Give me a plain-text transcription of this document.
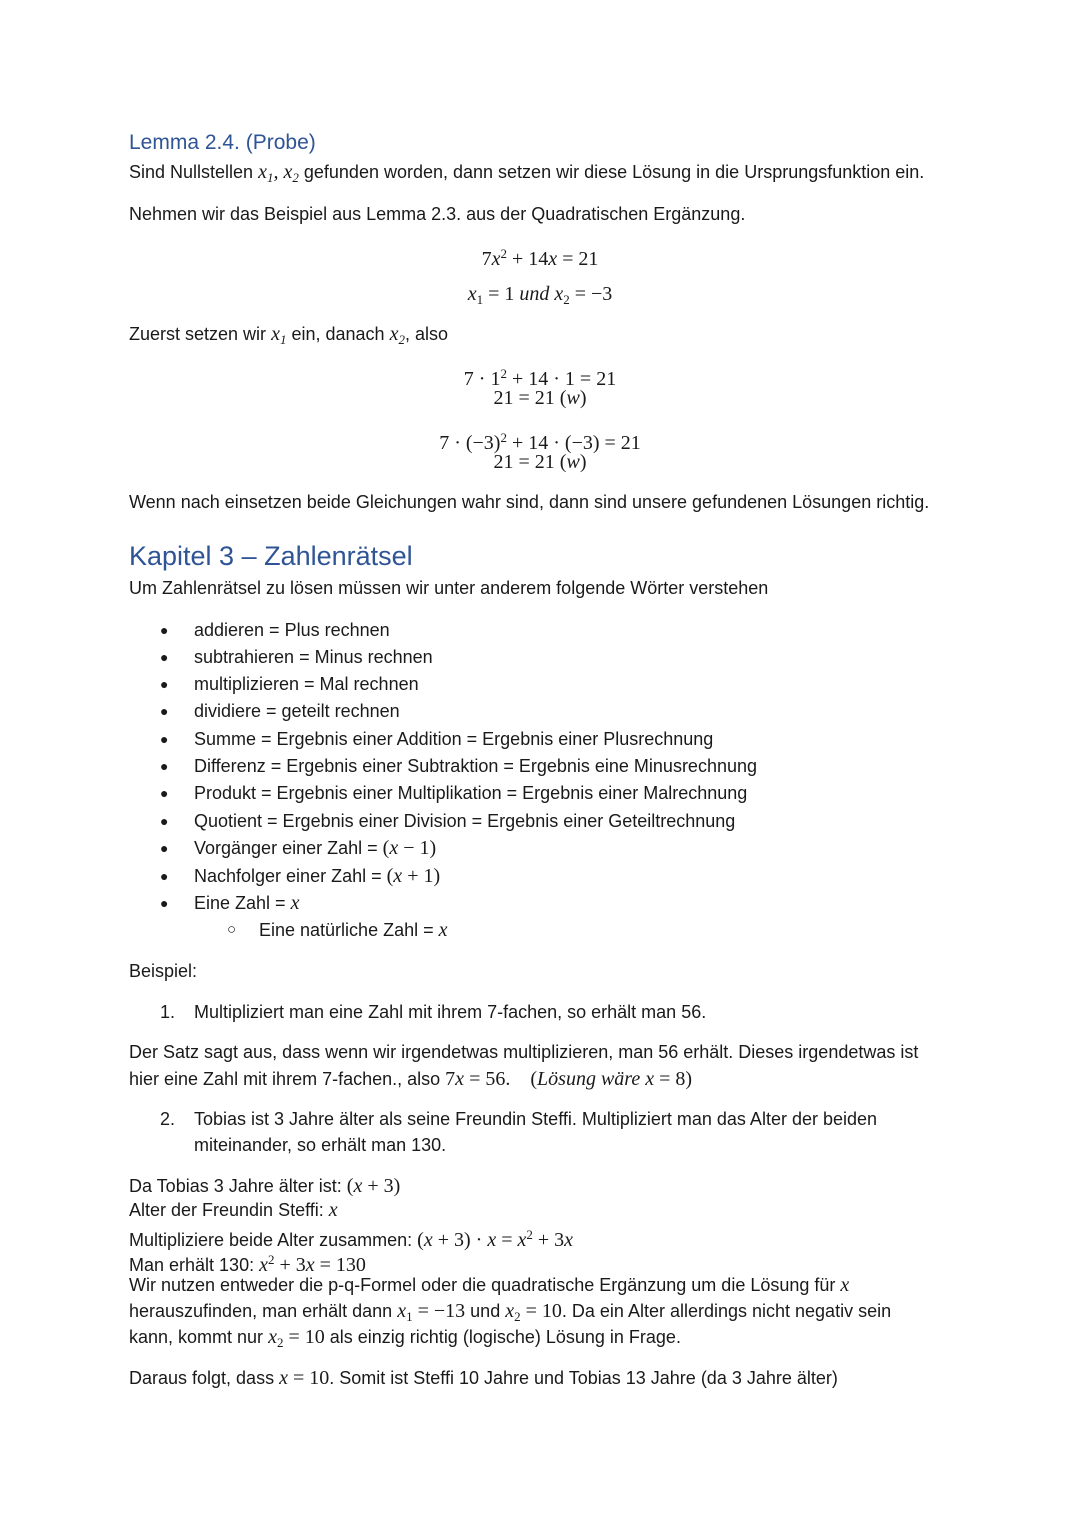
Lemma 2.4. (Probe)
Sind Nullstellen $x_1$, $x_2$ gefunden worden, dann setzen wir diese Lösung in die Ursprungsfunktion ein.
Nehmen wir das Beispiel aus Lemma 2.3. aus der Quadratischen Ergänzung.
$7x^2 + 14x = 21$
$x_1 = 1$ und $x_2 = -3$
Zuerst setzen wir $x_1$ ein, danach $x_2$, also
$7 \cdot 1^2 + 14 \cdot 1 = 21$
21 = 21 (w)
$7 \cdot (-3)^2 + 14 \cdot (-3) = 21$
21 = 21 (w)
Wenn nach einsetzen beide Gleichungen wahr sind, dann sind unsere gefundenen Lösungen richtig.
Kapitel 3 – Zahlenrätsel
Um Zahlenrätsel zu lösen müssen wir unter anderem folgende Wörter verstehen
● addieren = Plus rechnen
● subtrahieren = Minus rechnen
● multiplizieren = Mal rechnen
● dividiere = geteilt rechnen
● Summe = Ergebnis einer Addition = Ergebnis einer Plusrechnung
● Differenz = Ergebnis einer Subtraktion = Ergebnis eine Minusrechnung
● Produkt = Ergebnis einer Multiplikation = Ergebnis einer Malrechnung
● Quotient = Ergebnis einer Division = Ergebnis einer Geteiltrechnung
● Vorgänger einer Zahl = (x − 1)
● Nachfolger einer Zahl = (x + 1)
● Eine Zahl = x
○ Eine natürliche Zahl = x
Beispiel:
1. Multipliziert man eine Zahl mit ihrem 7-fachen, so erhält man 56.
Der Satz sagt aus, dass wenn wir irgendetwas multiplizieren, man 56 erhält. Dieses irgendetwas ist
hier eine Zahl mit ihrem 7-fachen., also 7x = 56. (Lösung wäre x = 8)
2. Tobias ist 3 Jahre älter als seine Freundin Steffi. Multipliziert man das Alter der beiden
miteinander, so erhält man 130.
Da Tobias 3 Jahre älter ist: (x + 3)
Alter der Freundin Steffi: x
Multipliziere beide Alter zusammen: $(x + 3) \cdot x = x^2 + 3x$
Man erhält 130: $x^2 + 3x = 130$
Wir nutzen entweder die p-q-Formel oder die quadratische Ergänzung um die Lösung für x
herauszufinden, man erhält dann $x_1 = -13$ und $x_2 = 10$. Da ein Alter allerdings nicht negativ sein
kann, kommt nur $x_2 = 10$ als einzig richtig (logische) Lösung in Frage.
Daraus folgt, dass x = 10. Somit ist Steffi 10 Jahre und Tobias 13 Jahre (da 3 Jahre älter)
